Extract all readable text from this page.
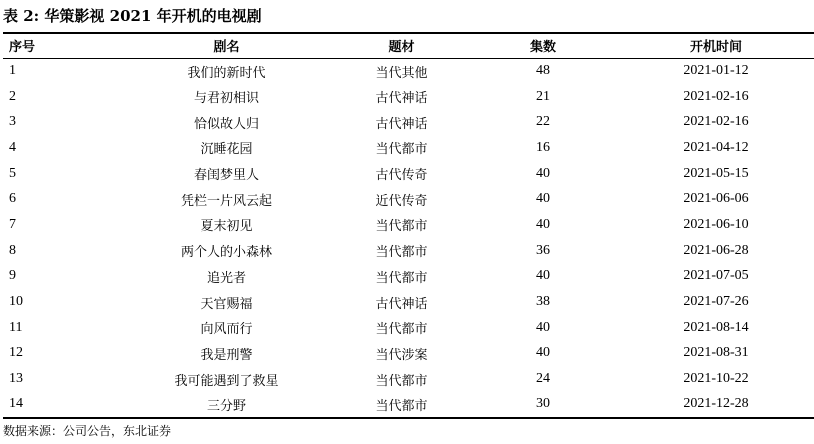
表 2: 华策影视 2021 年开机的电视剧
序号	剧名	题材	集数	开机时间
1	我们的新时代	当代其他	48	2021-01-12
2	与君初相识	古代神话	21	2021-02-16
3	恰似故人归	古代神话	22	2021-02-16
4	沉睡花园	当代都市	16	2021-04-12
5	春闺梦里人	古代传奇	40	2021-05-15
6	凭栏一片风云起	近代传奇	40	2021-06-06
7	夏末初见	当代都市	40	2021-06-10
8	两个人的小森林	当代都市	36	2021-06-28
9	追光者	当代都市	40	2021-07-05
10	天官赐福	古代神话	38	2021-07-26
11	向风而行	当代都市	40	2021-08-14
12	我是刑警	当代涉案	40	2021-08-31
13	我可能遇到了救星	当代都市	24	2021-10-22
14	三分野	当代都市	30	2021-12-28
数据来源：公司公告，东北证券
